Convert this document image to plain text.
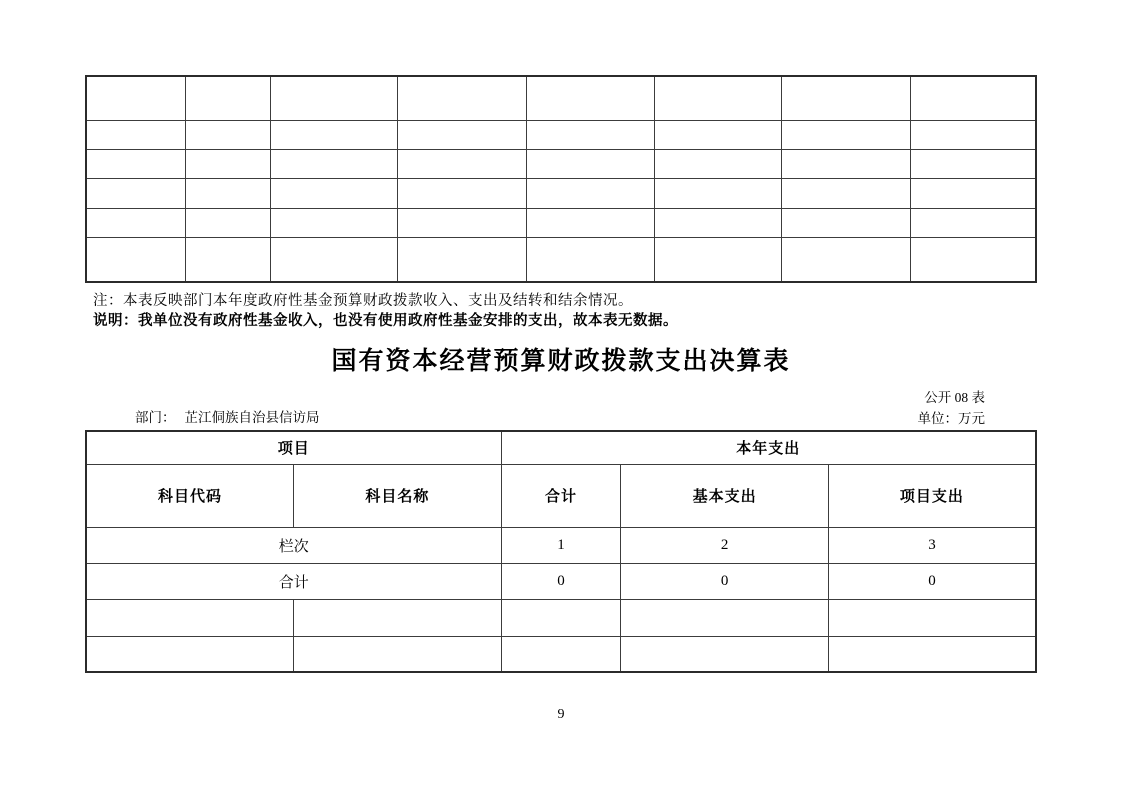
注：本表反映部门本年度政府性基金预算财政拨款收入、支出及结转和结余情况。
说明：我单位没有政府性基金收入，也没有使用政府性基金安排的支出，故本表无数据。
国有资本经营预算财政拨款支出决算表
公开 08 表
部门： 芷江侗族自治县信访局	单位：万元
项目		本年支出		
科目代码	科目名称	合计	基本支出	项目支出
栏次		1	2	3
合计		0	0	0

9
